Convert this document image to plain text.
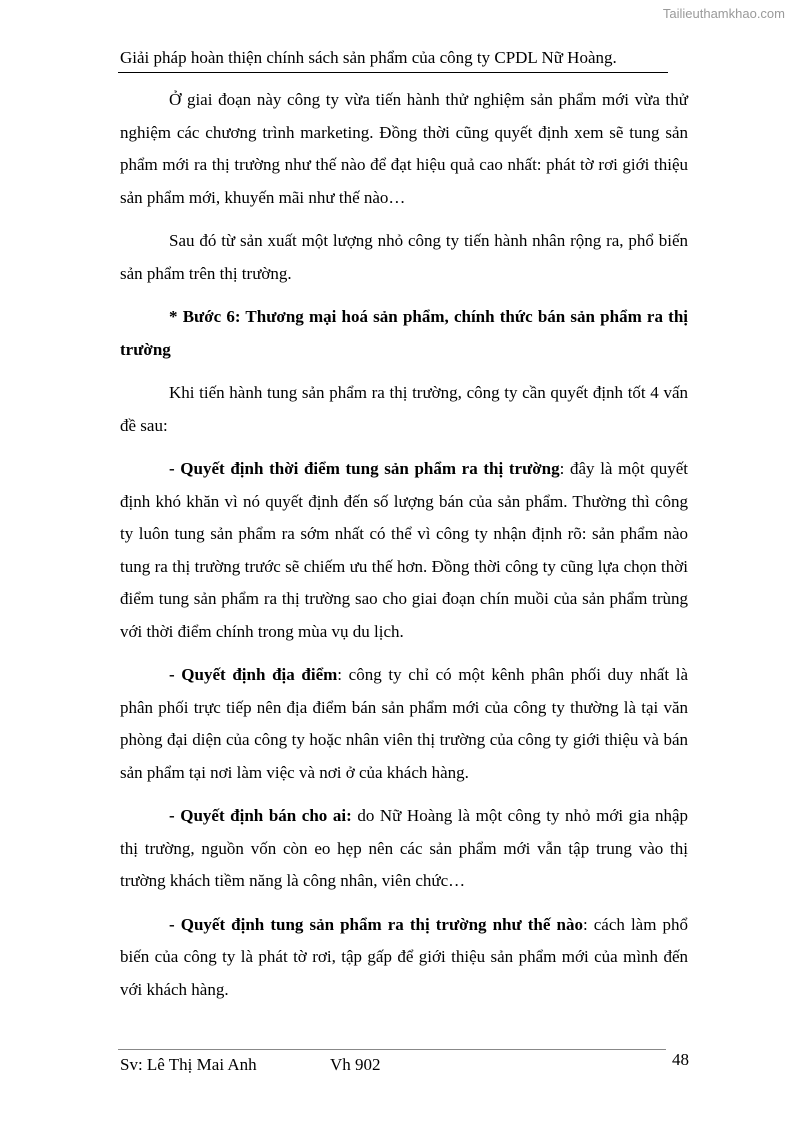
Tailieuthamkhao.com
Giải pháp hoàn thiện chính sách sản phẩm của công ty CPDL Nữ Hoàng.

Ở giai đoạn này công ty vừa tiến hành thử nghiệm sản phẩm mới vừa thử nghiệm các chương trình marketing. Đồng thời cũng quyết định xem sẽ tung sản phẩm mới ra thị trường như thế nào để đạt hiệu quả cao nhất: phát tờ rơi giới thiệu sản phẩm mới, khuyến mãi như thế nào…

Sau đó từ sản xuất một lượng nhỏ công ty tiến hành nhân rộng ra, phổ biến sản phẩm trên thị trường.

* Bước 6: Thương mại hoá sản phẩm, chính thức bán sản phẩm ra thị trường

Khi tiến hành tung sản phẩm ra thị trường, công ty cần quyết định tốt 4 vấn đề sau:

- Quyết định thời điểm tung sản phẩm ra thị trường: đây là một quyết định khó khăn vì nó quyết định đến số lượng bán của sản phẩm. Thường thì công ty luôn tung sản phẩm ra sớm nhất có thể vì công ty nhận định rõ: sản phẩm nào tung ra thị trường trước sẽ chiếm ưu thế hơn. Đồng thời công ty cũng lựa chọn thời điểm tung sản phẩm ra thị trường sao cho giai đoạn chín muồi của sản phẩm trùng với thời điểm chính trong mùa vụ du lịch.

- Quyết định địa điểm: công ty chỉ có một kênh phân phối duy nhất là phân phối trực tiếp nên địa điểm bán sản phẩm mới của công ty thường là tại văn phòng đại diện của công ty hoặc nhân viên thị trường của công ty giới thiệu và bán sản phẩm tại nơi làm việc và nơi ở của khách hàng.

- Quyết định bán cho ai: do Nữ Hoàng là một công ty nhỏ mới gia nhập thị trường, nguồn vốn còn eo hẹp nên các sản phẩm mới vẫn tập trung vào thị trường khách tiềm năng là công nhân, viên chức…

- Quyết định tung sản phẩm ra thị trường như thế nào: cách làm phổ biến của công ty là phát tờ rơi, tập gấp để giới thiệu sản phẩm mới của mình đến với khách hàng.

Sv: Lê Thị Mai Anh	Vh 902	48
